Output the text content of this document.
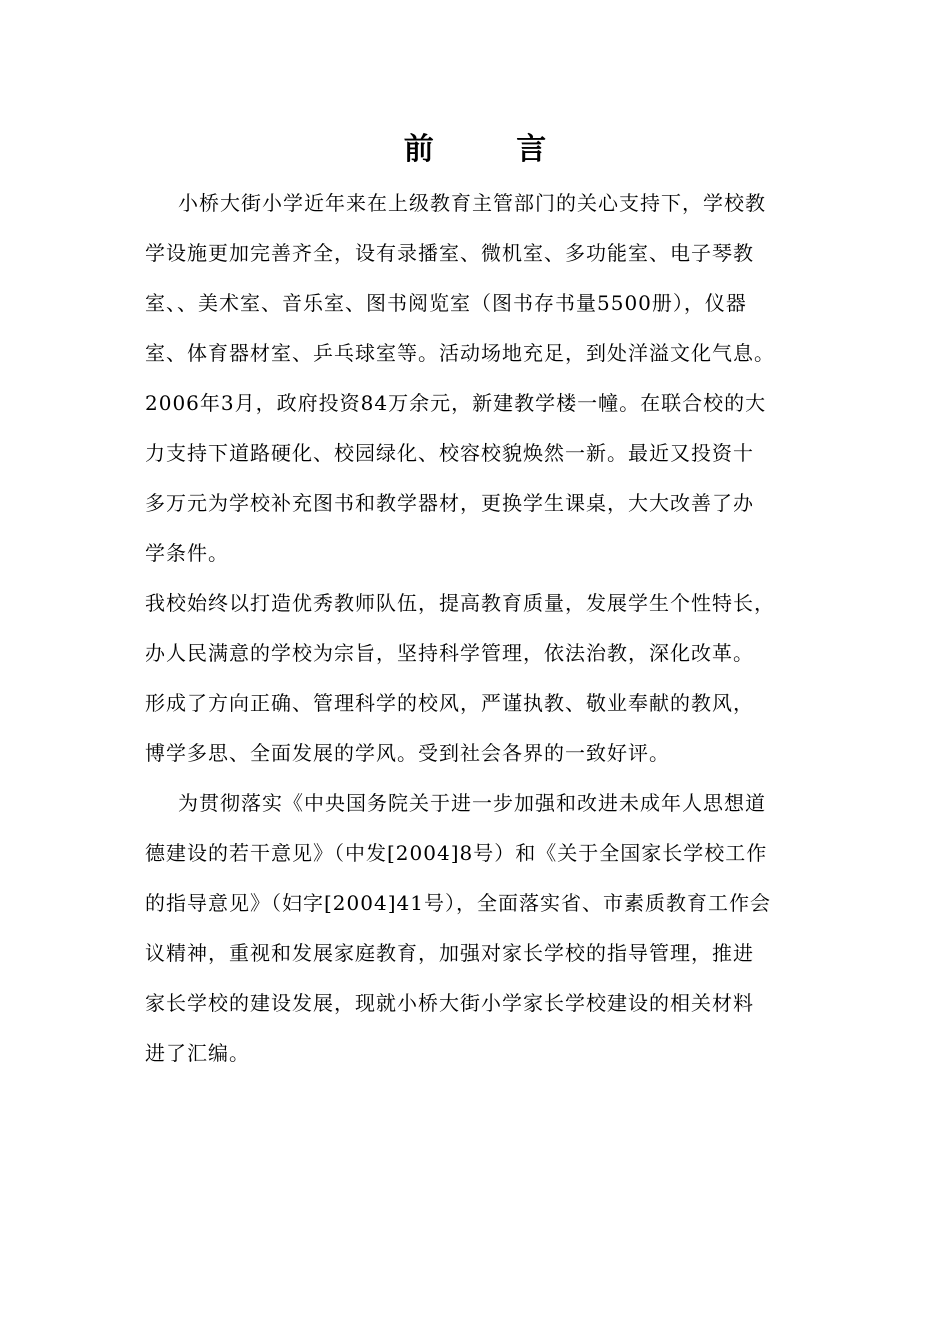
前 言
小桥大街小学近年来在上级教育主管部门的关心支持下，学校教
学设施更加完善齐全，设有录播室、微机室、多功能室、电子琴教
室、、美术室、音乐室、图书阅览室（图书存书量5500册），仪器
室、体育器材室、乒乓球室等。活动场地充足，到处洋溢文化气息。
2006年3月，政府投资84万余元，新建教学楼一幢。在联合校的大
力支持下道路硬化、校园绿化、校容校貌焕然一新。最近又投资十
多万元为学校补充图书和教学器材，更换学生课桌，大大改善了办
学条件。
我校始终以打造优秀教师队伍，提高教育质量，发展学生个性特长，
办人民满意的学校为宗旨，坚持科学管理，依法治教，深化改革。
形成了方向正确、管理科学的校风，严谨执教、敬业奉献的教风，
博学多思、全面发展的学风。受到社会各界的一致好评。
为贯彻落实《中央国务院关于进一步加强和改进未成年人思想道
德建设的若干意见》（中发[2004]8号）和《关于全国家长学校工作
的指导意见》（妇字[2004]41号），全面落实省、市素质教育工作会
议精神，重视和发展家庭教育，加强对家长学校的指导管理，推进
家长学校的建设发展，现就小桥大街小学家长学校建设的相关材料
进了汇编。
